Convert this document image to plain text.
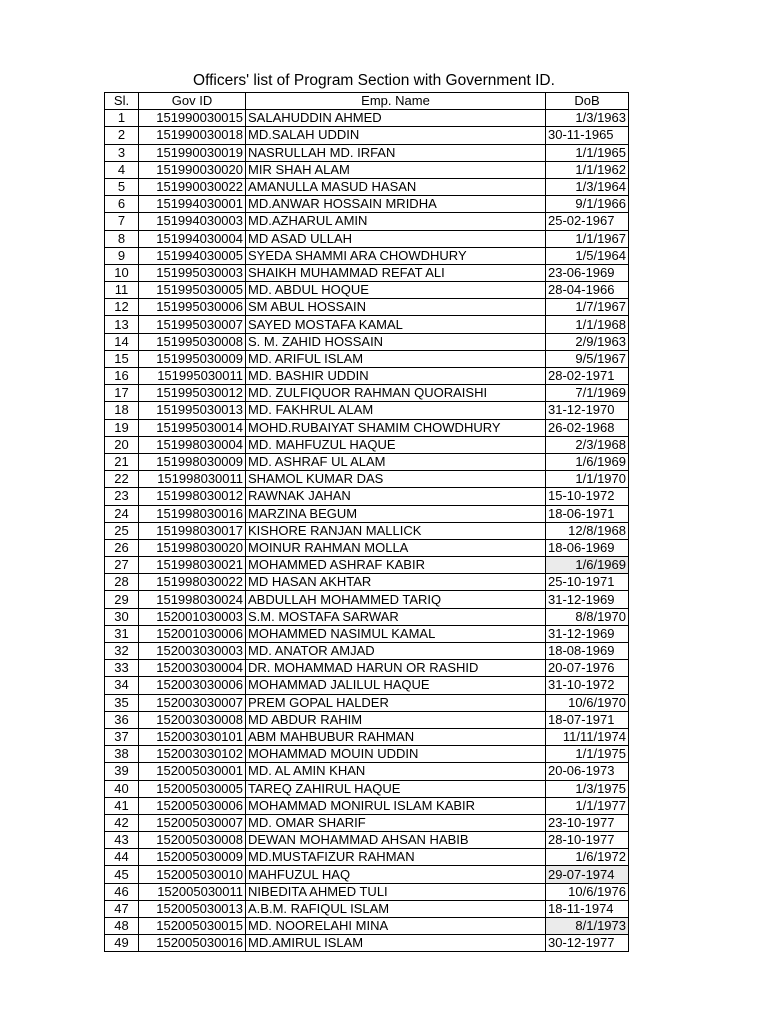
Officers' list of Program Section with Government ID.
Sl.	Gov ID	Emp. Name	DoB
1	151990030015	SALAHUDDIN AHMED	1/3/1963
2	151990030018	MD.SALAH UDDIN	30-11-1965
3	151990030019	NASRULLAH MD. IRFAN	1/1/1965
4	151990030020	MIR SHAH ALAM	1/1/1962
5	151990030022	AMANULLA MASUD HASAN	1/3/1964
6	151994030001	MD.ANWAR HOSSAIN MRIDHA	9/1/1966
7	151994030003	MD.AZHARUL AMIN	25-02-1967
8	151994030004	MD ASAD ULLAH	1/1/1967
9	151994030005	SYEDA SHAMMI ARA CHOWDHURY	1/5/1964
10	151995030003	SHAIKH MUHAMMAD REFAT ALI	23-06-1969
11	151995030005	MD. ABDUL HOQUE	28-04-1966
12	151995030006	SM ABUL HOSSAIN	1/7/1967
13	151995030007	SAYED MOSTAFA KAMAL	1/1/1968
14	151995030008	S. M. ZAHID HOSSAIN	2/9/1963
15	151995030009	MD. ARIFUL ISLAM	9/5/1967
16	151995030011	MD. BASHIR UDDIN	28-02-1971
17	151995030012	MD. ZULFIQUOR RAHMAN QUORAISHI	7/1/1969
18	151995030013	MD. FAKHRUL ALAM	31-12-1970
19	151995030014	MOHD.RUBAIYAT SHAMIM CHOWDHURY	26-02-1968
20	151998030004	MD. MAHFUZUL HAQUE	2/3/1968
21	151998030009	MD. ASHRAF UL ALAM	1/6/1969
22	151998030011	SHAMOL KUMAR DAS	1/1/1970
23	151998030012	RAWNAK JAHAN	15-10-1972
24	151998030016	MARZINA BEGUM	18-06-1971
25	151998030017	KISHORE RANJAN MALLICK	12/8/1968
26	151998030020	MOINUR RAHMAN MOLLA	18-06-1969
27	151998030021	MOHAMMED ASHRAF KABIR	1/6/1969
28	151998030022	MD HASAN AKHTAR	25-10-1971
29	151998030024	ABDULLAH MOHAMMED TARIQ	31-12-1969
30	152001030003	S.M. MOSTAFA SARWAR	8/8/1970
31	152001030006	MOHAMMED NASIMUL KAMAL	31-12-1969
32	152003030003	MD. ANATOR AMJAD	18-08-1969
33	152003030004	DR. MOHAMMAD HARUN OR RASHID	20-07-1976
34	152003030006	MOHAMMAD JALILUL HAQUE	31-10-1972
35	152003030007	PREM GOPAL HALDER	10/6/1970
36	152003030008	MD ABDUR RAHIM	18-07-1971
37	152003030101	ABM MAHBUBUR RAHMAN	11/11/1974
38	152003030102	MOHAMMAD MOUIN UDDIN	1/1/1975
39	152005030001	MD. AL AMIN KHAN	20-06-1973
40	152005030005	TAREQ ZAHIRUL HAQUE	1/3/1975
41	152005030006	MOHAMMAD MONIRUL ISLAM KABIR	1/1/1977
42	152005030007	MD. OMAR SHARIF	23-10-1977
43	152005030008	DEWAN MOHAMMAD AHSAN HABIB	28-10-1977
44	152005030009	MD.MUSTAFIZUR RAHMAN	1/6/1972
45	152005030010	MAHFUZUL HAQ	29-07-1974
46	152005030011	NIBEDITA AHMED TULI	10/6/1976
47	152005030013	A.B.M. RAFIQUL ISLAM	18-11-1974
48	152005030015	MD. NOORELAHI MINA	8/1/1973
49	152005030016	MD.AMIRUL ISLAM	30-12-1977
